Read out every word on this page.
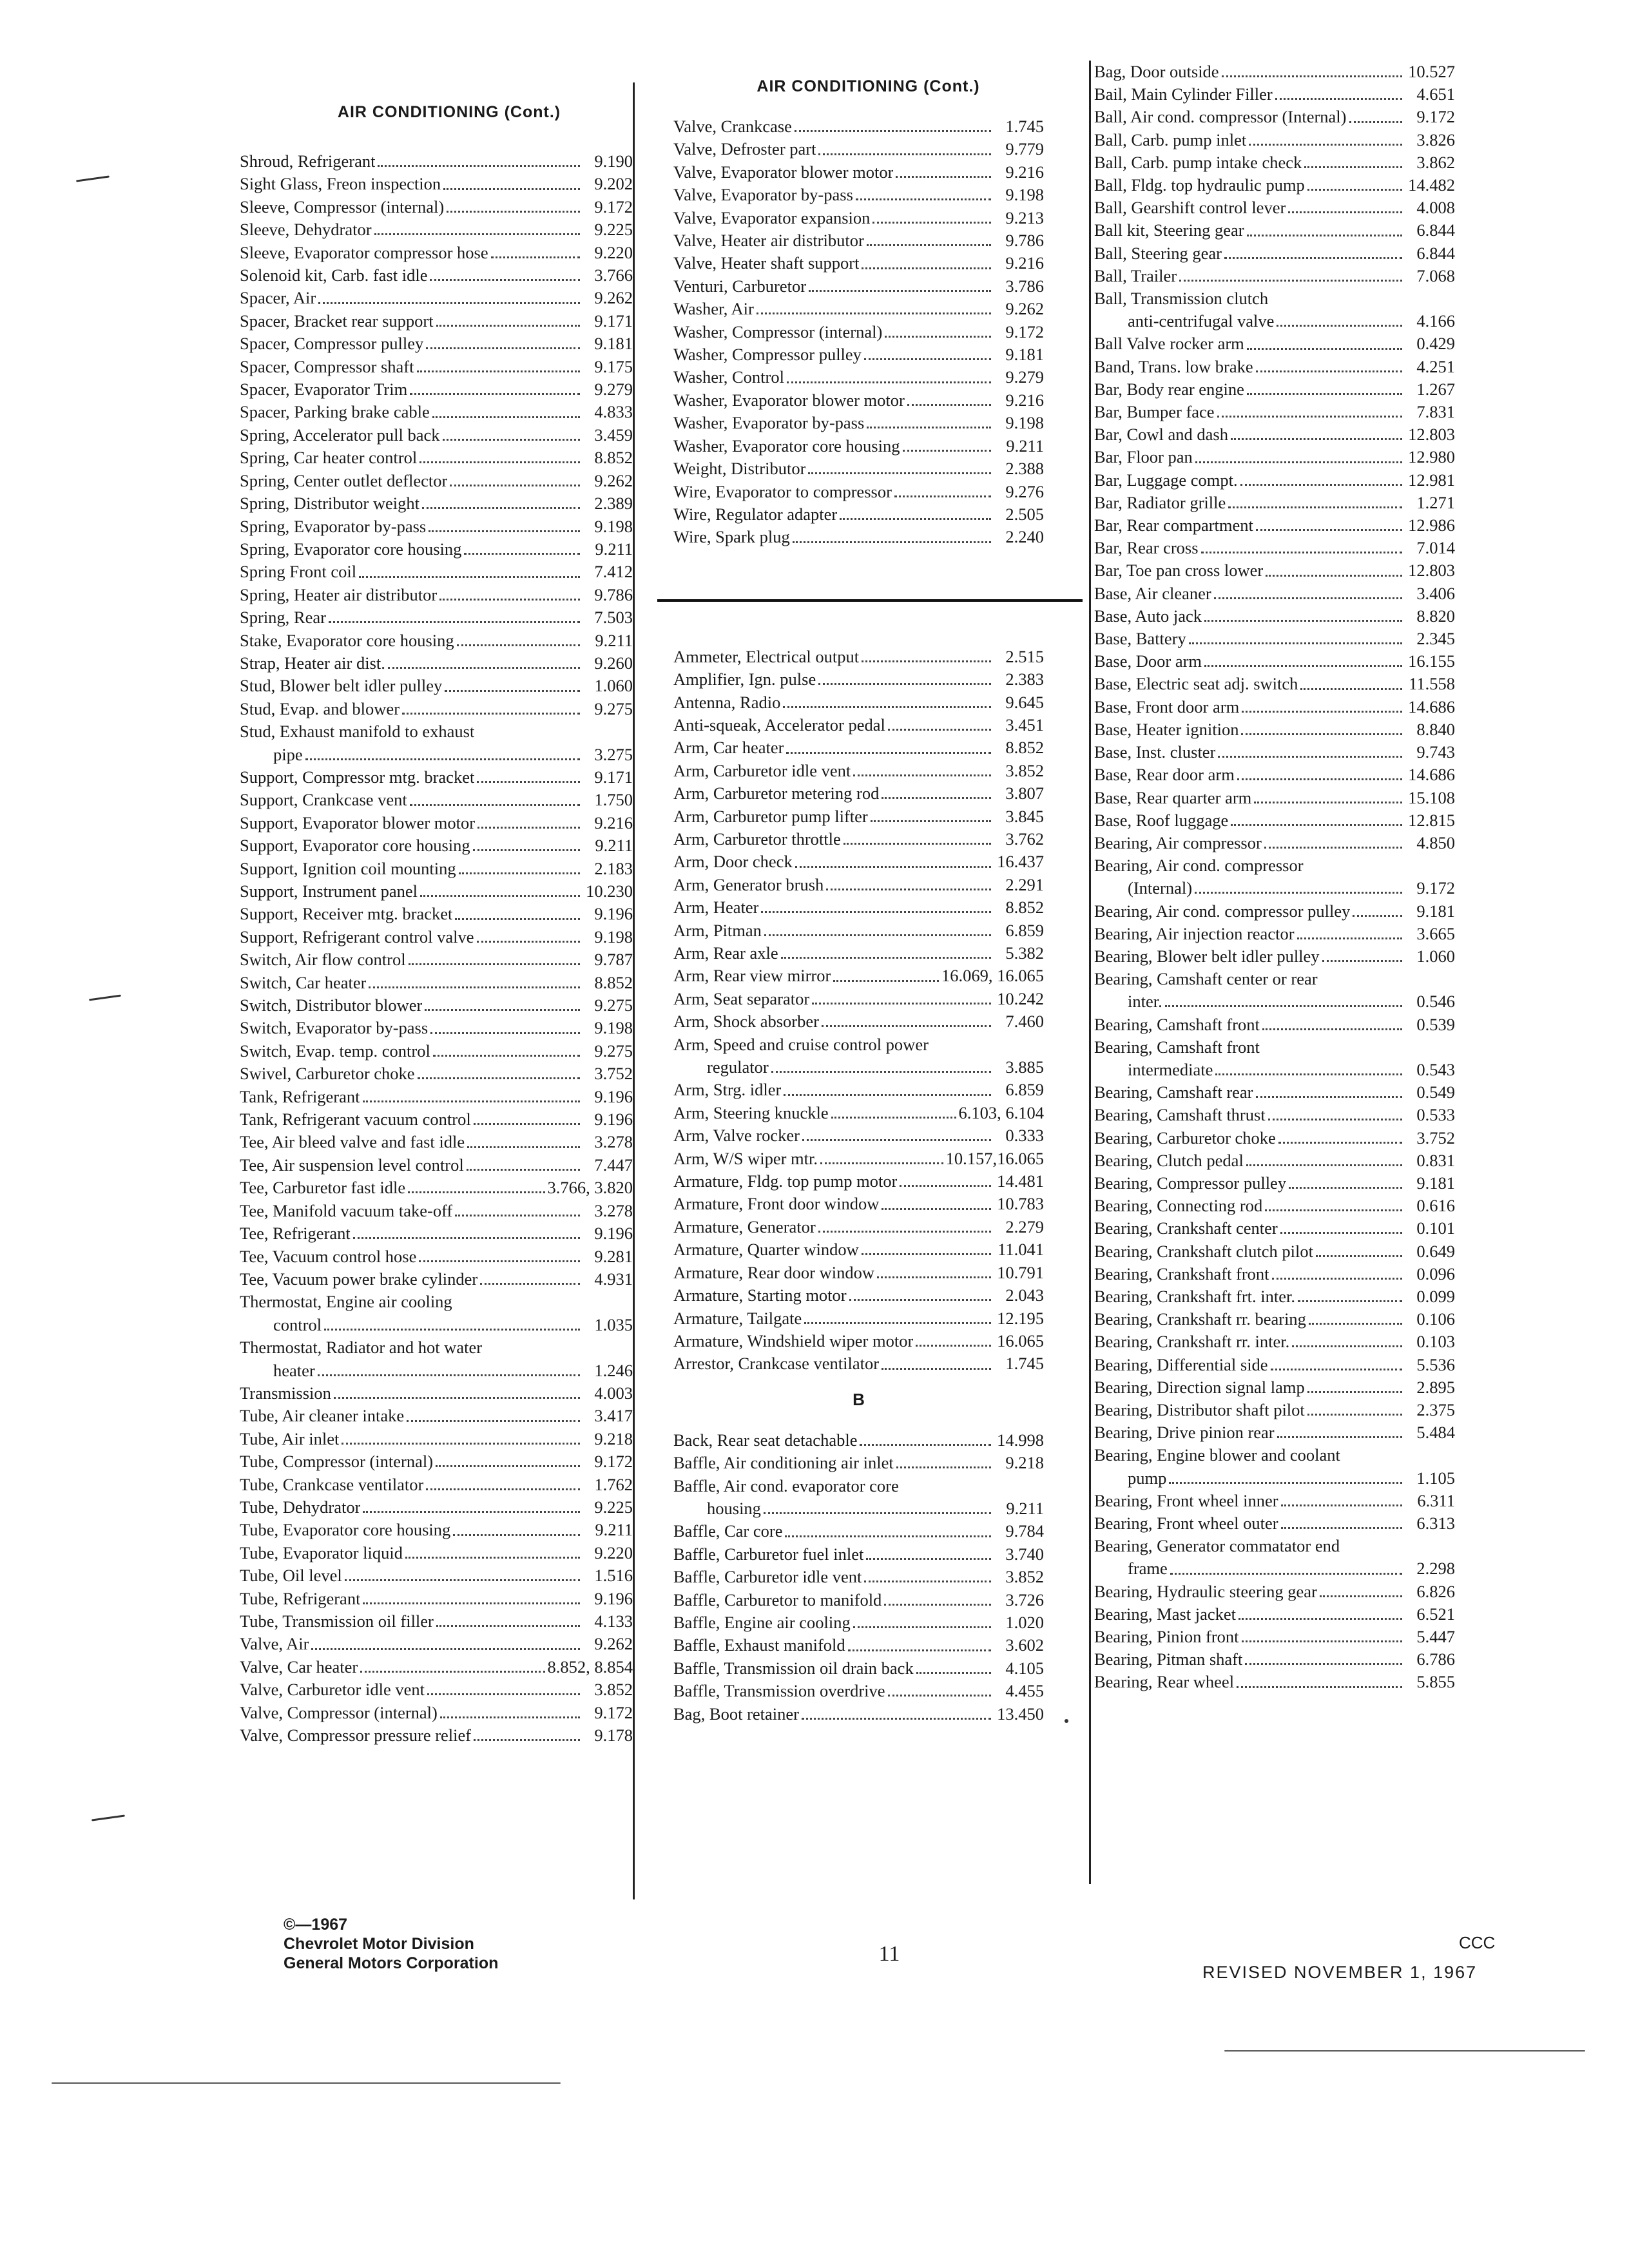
AIR CONDITIONING (Cont.)
Shroud, Refrigerant	9.190
Sight Glass, Freon inspection	9.202
Sleeve, Compressor (internal)	9.172
Sleeve, Dehydrator	9.225
Sleeve, Evaporator compressor hose	9.220
Solenoid kit, Carb. fast idle	3.766
Spacer, Air	9.262
Spacer, Bracket rear support	9.171
Spacer, Compressor pulley	9.181
Spacer, Compressor shaft	9.175
Spacer, Evaporator Trim	9.279
Spacer, Parking brake cable	4.833
Spring, Accelerator pull back	3.459
Spring, Car heater control	8.852
Spring, Center outlet deflector	9.262
Spring, Distributor weight	2.389
Spring, Evaporator by-pass	9.198
Spring, Evaporator core housing	9.211
Spring Front coil	7.412
Spring, Heater air distributor	9.786
Spring, Rear	7.503
Stake, Evaporator core housing	9.211
Strap, Heater air dist.	9.260
Stud, Blower belt idler pulley	1.060
Stud, Evap. and blower	9.275
Stud, Exhaust manifold to exhaust
pipe	3.275
Support, Compressor mtg. bracket	9.171
Support, Crankcase vent	1.750
Support, Evaporator blower motor	9.216
Support, Evaporator core housing	9.211
Support, Ignition coil mounting	2.183
Support, Instrument panel	10.230
Support, Receiver mtg. bracket	9.196
Support, Refrigerant control valve	9.198
Switch, Air flow control	9.787
Switch, Car heater	8.852
Switch, Distributor blower	9.275
Switch, Evaporator by-pass	9.198
Switch, Evap. temp. control	9.275
Swivel, Carburetor choke	3.752
Tank, Refrigerant	9.196
Tank, Refrigerant vacuum control	9.196
Tee, Air bleed valve and fast idle	3.278
Tee, Air suspension level control	7.447
Tee, Carburetor fast idle	3.766, 3.820
Tee, Manifold vacuum take-off	3.278
Tee, Refrigerant	9.196
Tee, Vacuum control hose	9.281
Tee, Vacuum power brake cylinder	4.931
Thermostat, Engine air cooling
control	1.035
Thermostat, Radiator and hot water
heater	1.246
Transmission	4.003
Tube, Air cleaner intake	3.417
Tube, Air inlet	9.218
Tube, Compressor (internal)	9.172
Tube, Crankcase ventilator	1.762
Tube, Dehydrator	9.225
Tube, Evaporator core housing	9.211
Tube, Evaporator liquid	9.220
Tube, Oil level	1.516
Tube, Refrigerant	9.196
Tube, Transmission oil filler	4.133
Valve, Air	9.262
Valve, Car heater	8.852, 8.854
Valve, Carburetor idle vent	3.852
Valve, Compressor (internal)	9.172
Valve, Compressor pressure relief	9.178
AIR CONDITIONING (Cont.)
Valve, Crankcase	1.745
Valve, Defroster part	9.779
Valve, Evaporator blower motor	9.216
Valve, Evaporator by-pass	9.198
Valve, Evaporator expansion	9.213
Valve, Heater air distributor	9.786
Valve, Heater shaft support	9.216
Venturi, Carburetor	3.786
Washer, Air	9.262
Washer, Compressor (internal)	9.172
Washer, Compressor pulley	9.181
Washer, Control	9.279
Washer, Evaporator blower motor	9.216
Washer, Evaporator by-pass	9.198
Washer, Evaporator core housing	9.211
Weight, Distributor	2.388
Wire, Evaporator to compressor	9.276
Wire, Regulator adapter	2.505
Wire, Spark plug	2.240
Ammeter, Electrical output	2.515
Amplifier, Ign. pulse	2.383
Antenna, Radio	9.645
Anti-squeak, Accelerator pedal	3.451
Arm, Car heater	8.852
Arm, Carburetor idle vent	3.852
Arm, Carburetor metering rod	3.807
Arm, Carburetor pump lifter	3.845
Arm, Carburetor throttle	3.762
Arm, Door check	16.437
Arm, Generator brush	2.291
Arm, Heater	8.852
Arm, Pitman	6.859
Arm, Rear axle	5.382
Arm, Rear view mirror	16.069, 16.065
Arm, Seat separator	10.242
Arm, Shock absorber	7.460
Arm, Speed and cruise control power
regulator	3.885
Arm, Strg. idler	6.859
Arm, Steering knuckle	6.103, 6.104
Arm, Valve rocker	0.333
Arm, W/S wiper mtr.	10.157,16.065
Armature, Fldg. top pump motor	14.481
Armature, Front door window	10.783
Armature, Generator	2.279
Armature, Quarter window	11.041
Armature, Rear door window	10.791
Armature, Starting motor	2.043
Armature, Tailgate	12.195
Armature, Windshield wiper motor	16.065
Arrestor, Crankcase ventilator	1.745
B
Back, Rear seat detachable	14.998
Baffle, Air conditioning air inlet	9.218
Baffle, Air cond. evaporator core
housing	9.211
Baffle, Car core	9.784
Baffle, Carburetor fuel inlet	3.740
Baffle, Carburetor idle vent	3.852
Baffle, Carburetor to manifold	3.726
Baffle, Engine air cooling	1.020
Baffle, Exhaust manifold	3.602
Baffle, Transmission oil drain back	4.105
Baffle, Transmission overdrive	4.455
Bag, Boot retainer	13.450
Bag, Door outside	10.527
Bail, Main Cylinder Filler	4.651
Ball, Air cond. compressor (Internal)	9.172
Ball, Carb. pump inlet	3.826
Ball, Carb. pump intake check	3.862
Ball, Fldg. top hydraulic pump	14.482
Ball, Gearshift control lever	4.008
Ball kit, Steering gear	6.844
Ball, Steering gear	6.844
Ball, Trailer	7.068
Ball, Transmission clutch
anti-centrifugal valve	4.166
Ball Valve rocker arm	0.429
Band, Trans. low brake	4.251
Bar, Body rear engine	1.267
Bar, Bumper face	7.831
Bar, Cowl and dash	12.803
Bar, Floor pan	12.980
Bar, Luggage compt.	12.981
Bar, Radiator grille	1.271
Bar, Rear compartment	12.986
Bar, Rear cross	7.014
Bar, Toe pan cross lower	12.803
Base, Air cleaner	3.406
Base, Auto jack	8.820
Base, Battery	2.345
Base, Door arm	16.155
Base, Electric seat adj. switch	11.558
Base, Front door arm	14.686
Base, Heater ignition	8.840
Base, Inst. cluster	9.743
Base, Rear door arm	14.686
Base, Rear quarter arm	15.108
Base, Roof luggage	12.815
Bearing, Air compressor	4.850
Bearing, Air cond. compressor
(Internal)	9.172
Bearing, Air cond. compressor pulley	9.181
Bearing, Air injection reactor	3.665
Bearing, Blower belt idler pulley	1.060
Bearing, Camshaft center or rear
inter.	0.546
Bearing, Camshaft front	0.539
Bearing, Camshaft front
intermediate	0.543
Bearing, Camshaft rear	0.549
Bearing, Camshaft thrust	0.533
Bearing, Carburetor choke	3.752
Bearing, Clutch pedal	0.831
Bearing, Compressor pulley	9.181
Bearing, Connecting rod	0.616
Bearing, Crankshaft center	0.101
Bearing, Crankshaft clutch pilot	0.649
Bearing, Crankshaft front	0.096
Bearing, Crankshaft frt. inter.	0.099
Bearing, Crankshaft rr. bearing	0.106
Bearing, Crankshaft rr. inter.	0.103
Bearing, Differential side	5.536
Bearing, Direction signal lamp	2.895
Bearing, Distributor shaft pilot	2.375
Bearing, Drive pinion rear	5.484
Bearing, Engine blower and coolant
pump	1.105
Bearing, Front wheel inner	6.311
Bearing, Front wheel outer	6.313
Bearing, Generator commatator end
frame	2.298
Bearing, Hydraulic steering gear	6.826
Bearing, Mast jacket	6.521
Bearing, Pinion front	5.447
Bearing, Pitman shaft	6.786
Bearing, Rear wheel	5.855
©—1967
Chevrolet Motor Division
General Motors Corporation	11	CCC
REVISED NOVEMBER 1, 1967
